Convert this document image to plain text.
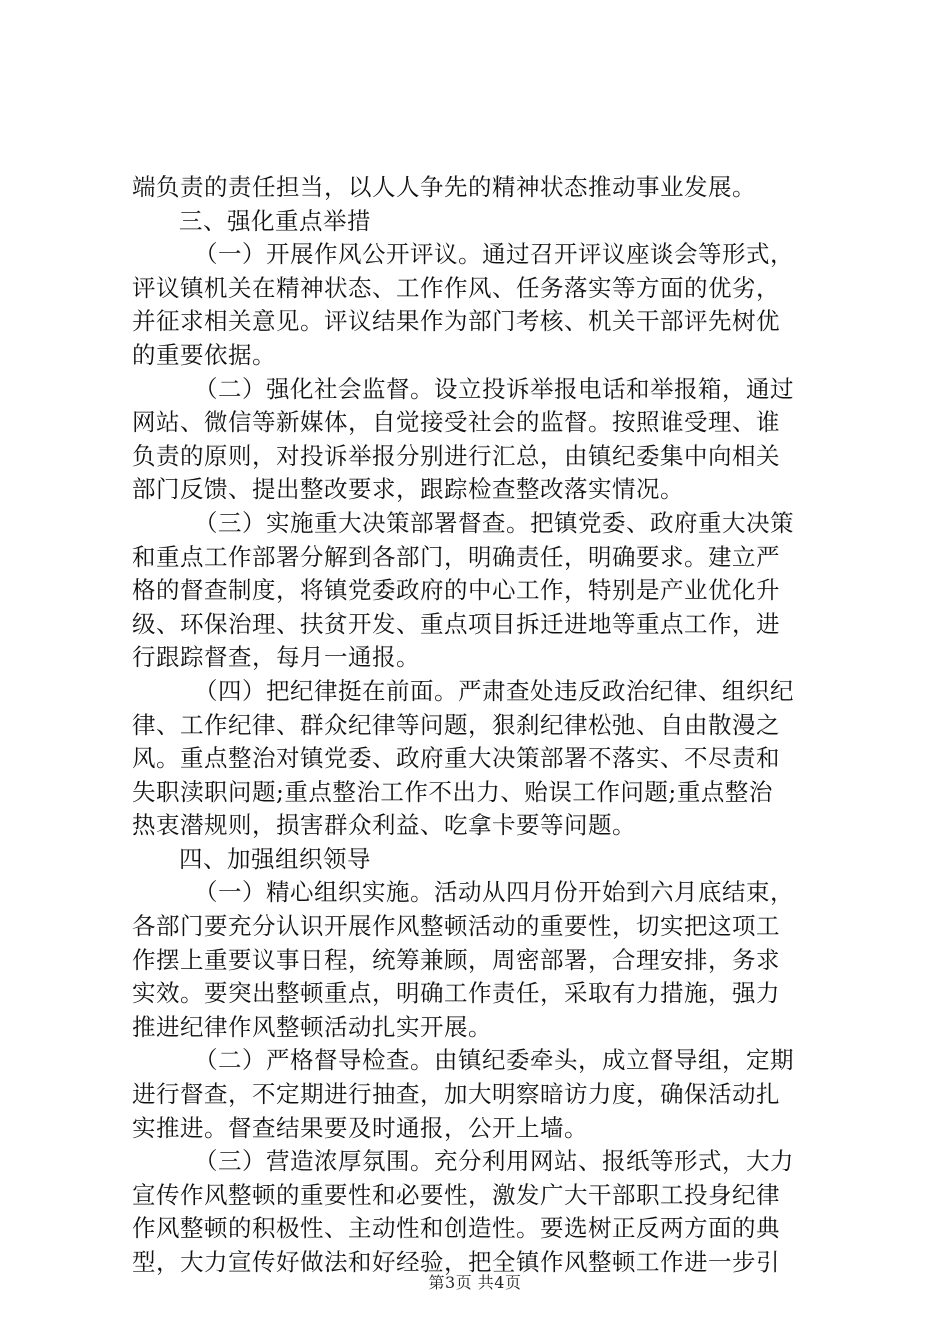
端负责的责任担当，以人人争先的精神状态推动事业发展。
三、强化重点举措
（一）开展作风公开评议。通过召开评议座谈会等形式，
评议镇机关在精神状态、工作作风、任务落实等方面的优劣，
并征求相关意见。评议结果作为部门考核、机关干部评先树优
的重要依据。
（二）强化社会监督。设立投诉举报电话和举报箱，通过
网站、微信等新媒体，自觉接受社会的监督。按照谁受理、谁
负责的原则，对投诉举报分别进行汇总，由镇纪委集中向相关
部门反馈、提出整改要求，跟踪检查整改落实情况。
（三）实施重大决策部署督查。把镇党委、政府重大决策
和重点工作部署分解到各部门，明确责任，明确要求。建立严
格的督查制度，将镇党委政府的中心工作，特别是产业优化升
级、环保治理、扶贫开发、重点项目拆迁进地等重点工作，进
行跟踪督查，每月一通报。
（四）把纪律挺在前面。严肃查处违反政治纪律、组织纪
律、工作纪律、群众纪律等问题，狠刹纪律松弛、自由散漫之
风。重点整治对镇党委、政府重大决策部署不落实、不尽责和
失职渎职问题;重点整治工作不出力、贻误工作问题;重点整治
热衷潜规则，损害群众利益、吃拿卡要等问题。
四、加强组织领导
（一）精心组织实施。活动从四月份开始到六月底结束，
各部门要充分认识开展作风整顿活动的重要性，切实把这项工
作摆上重要议事日程，统筹兼顾，周密部署，合理安排，务求
实效。要突出整顿重点，明确工作责任，采取有力措施，强力
推进纪律作风整顿活动扎实开展。
（二）严格督导检查。由镇纪委牵头，成立督导组，定期
进行督查，不定期进行抽查，加大明察暗访力度，确保活动扎
实推进。督查结果要及时通报，公开上墙。
（三）营造浓厚氛围。充分利用网站、报纸等形式，大力
宣传作风整顿的重要性和必要性，激发广大干部职工投身纪律
作风整顿的积极性、主动性和创造性。要选树正反两方面的典
型，大力宣传好做法和好经验，把全镇作风整顿工作进一步引
第3页 共4页
